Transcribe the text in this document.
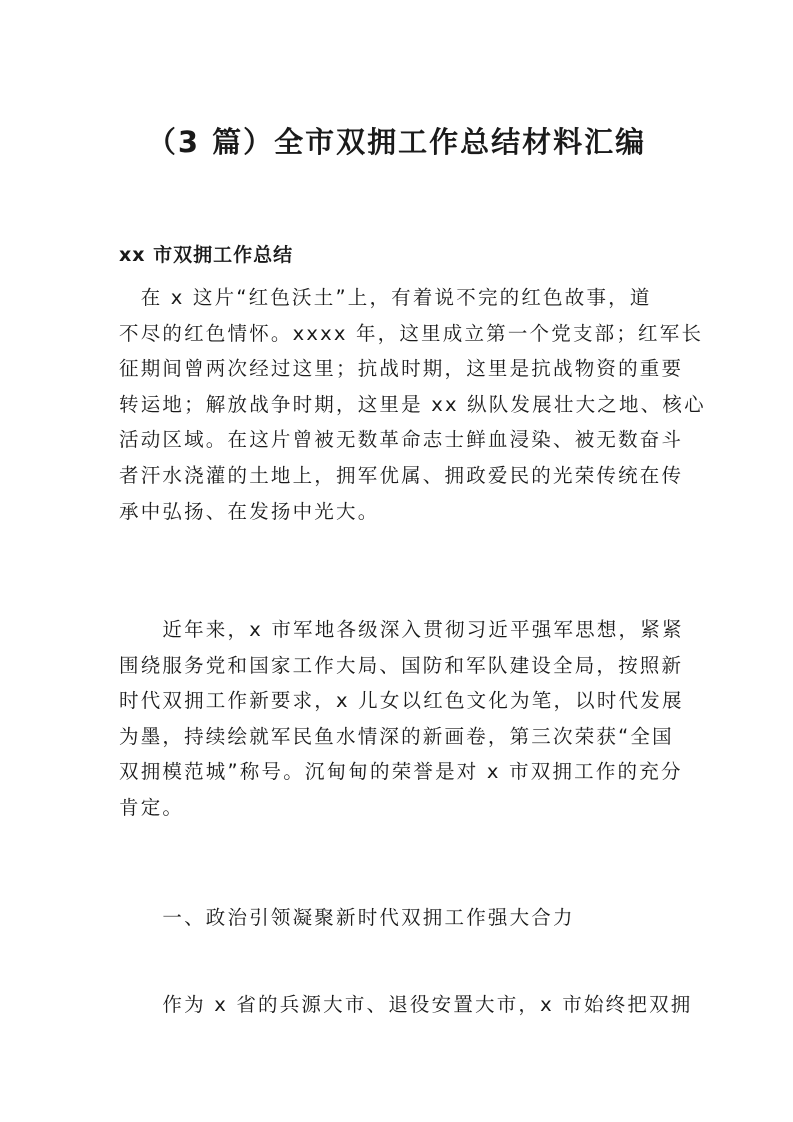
（3 篇）全市双拥工作总结材料汇编
xx 市双拥工作总结

　在 x 这片“红色沃土”上，有着说不完的红色故事，道
不尽的红色情怀。xxxx 年，这里成立第一个党支部；红军长
征期间曾两次经过这里；抗战时期，这里是抗战物资的重要
转运地；解放战争时期，这里是 xx 纵队发展壮大之地、核心
活动区域。在这片曾被无数革命志士鲜血浸染、被无数奋斗
者汗水浇灌的土地上，拥军优属、拥政爱民的光荣传统在传
承中弘扬、在发扬中光大。

　　近年来，x 市军地各级深入贯彻习近平强军思想，紧紧
围绕服务党和国家工作大局、国防和军队建设全局，按照新
时代双拥工作新要求，x 儿女以红色文化为笔，以时代发展
为墨，持续绘就军民鱼水情深的新画卷，第三次荣获“全国
双拥模范城”称号。沉甸甸的荣誉是对 x 市双拥工作的充分
肯定。

　　一、政治引领凝聚新时代双拥工作强大合力

　　作为 x 省的兵源大市、退役安置大市，x 市始终把双拥
